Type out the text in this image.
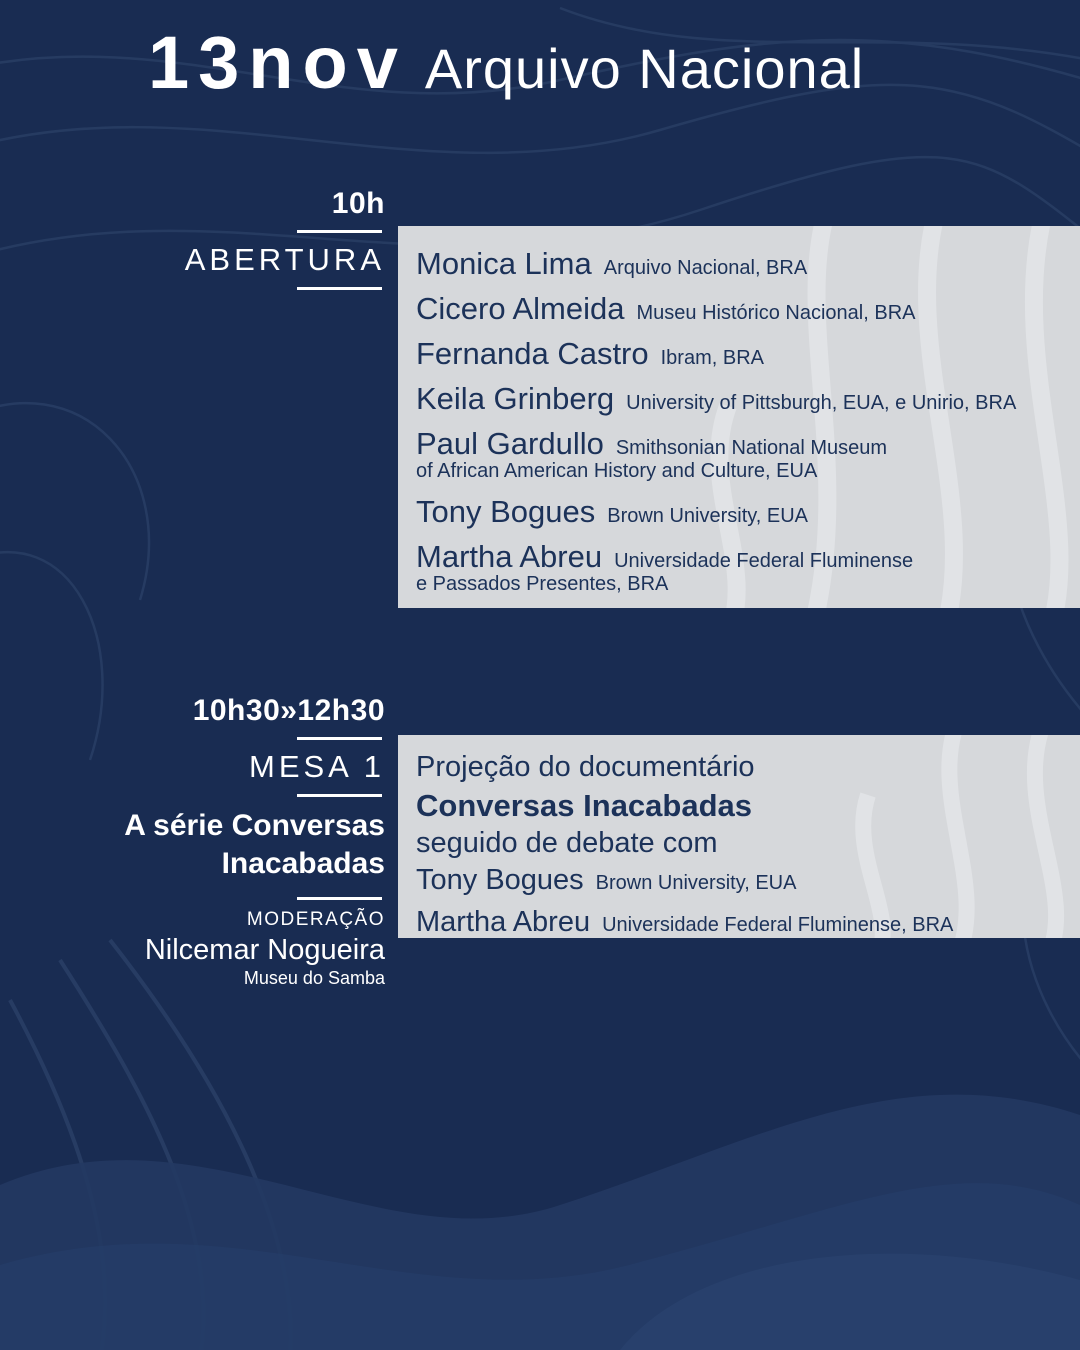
13nov Arquivo Nacional
10h
ABERTURA Monica Lima Arquivo Nacional, BRA
Cicero Almeida Museu Histórico Nacional, BRA
Fernanda Castro Ibram, BRA
Keila Grinberg University of Pittsburgh, EUA, e Unirio, BRA
Paul Gardullo Smithsonian National Museum
of African American History and Culture, EUA
Tony Bogues Brown University, EUA
Martha Abreu Universidade Federal Fluminense
e Passados Presentes, BRA
10h30»12h30
MESA 1
A série Conversas
Inacabadas
MODERAÇÃO
Nilcemar Nogueira
Museu do Samba
Projeção do documentário
Conversas Inacabadas
seguido de debate com
Tony Bogues Brown University, EUA
Martha Abreu Universidade Federal Fluminense, BRA
